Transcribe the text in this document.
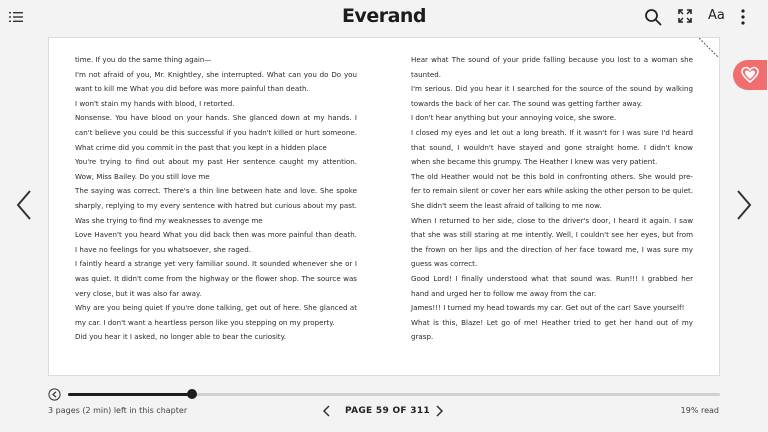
Everand	Aa

time. If you do the same thing again—

I'm not afraid of you, Mr. Knightley, she interrupted. What can you do Do you want to kill me What you did before was more painful than death.

I won't stain my hands with blood, I retorted.

Nonsense. You have blood on your hands. She glanced down at my hands. I can't believe you could be this successful if you hadn't killed or hurt someone. What crime did you commit in the past that you kept in a hidden place

You're trying to find out about my past Her sentence caught my attention. Wow, Miss Bailey. Do you still love me

The saying was correct. There's a thin line between hate and love. She spoke sharply, replying to my every sentence with hatred but curious about my past. Was she trying to find my weaknesses to avenge me

Love Haven't you heard What you did back then was more painful than death. I have no feelings for you whatsoever, she raged.

I faintly heard a strange yet very familiar sound. It sounded whenever she or I was quiet. It didn't come from the highway or the flower shop. The source was very close, but it was also far away.

Why are you being quiet If you're done talking, get out of here. She glanced at my car. I don't want a heartless person like you stepping on my property.

Did you hear it I asked, no longer able to bear the curiosity.

Hear what The sound of your pride falling because you lost to a woman she taunted.

I'm serious. Did you hear it I searched for the source of the sound by walking towards the back of her car. The sound was getting farther away.

I don't hear anything but your annoying voice, she swore.

I closed my eyes and let out a long breath. If it wasn't for I was sure I'd heard that sound, I wouldn't have stayed and gone straight home. I didn't know when she became this grumpy. The Heather I knew was very patient.

The old Heather would not be this bold in confronting others. She would pre-fer to remain silent or cover her ears while asking the other person to be quiet. She didn't seem the least afraid of talking to me now.

When I returned to her side, close to the driver's door, I heard it again. I saw that she was still staring at me intently. Well, I couldn't see her eyes, but from the frown on her lips and the direction of her face toward me, I was sure my guess was correct.

Good Lord! I finally understood what that sound was. Run!!! I grabbed her hand and urged her to follow me away from the car.

James!!! I turned my head towards my car. Get out of the car! Save yourself!

What is this, Blaze! Let go of me! Heather tried to get her hand out of my grasp.

3 pages (2 min) left in this chapter	PAGE 59 OF 311	19% read
